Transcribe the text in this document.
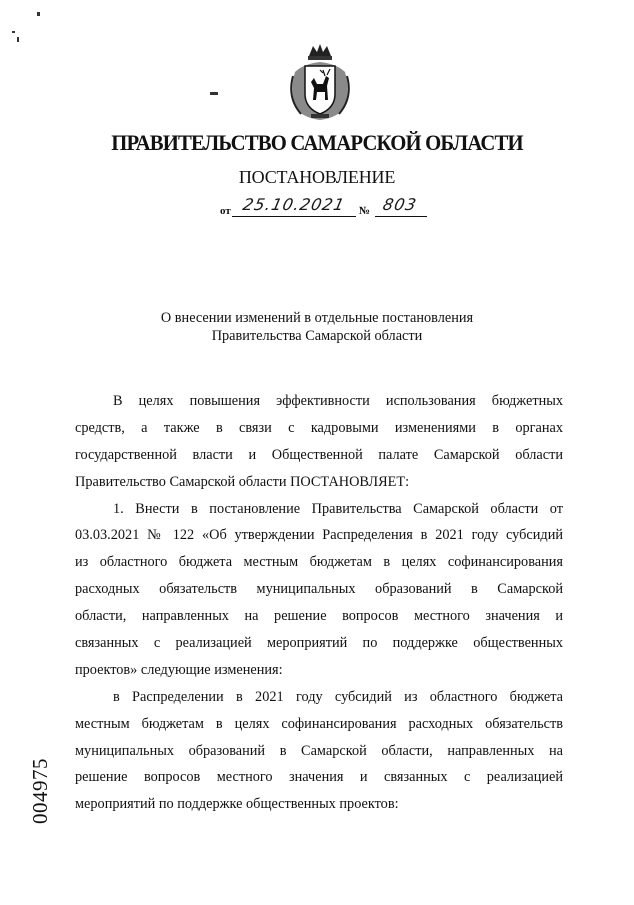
ПРАВИТЕЛЬСТВО САМАРСКОЙ ОБЛАСТИ
ПОСТАНОВЛЕНИЕ
от 25.10.2021	№ 803
О внесении изменений в отдельные постановления
Правительства Самарской области
В целях повышения эффективности использования бюджетных
средств, а также в связи с кадровыми изменениями в органах
государственной власти и Общественной палате Самарской области
Правительство Самарской области ПОСТАНОВЛЯЕТ:
1. Внести в постановление Правительства Самарской области от
03.03.2021 № 122 «Об утверждении Распределения в 2021 году субсидий
из областного бюджета местным бюджетам в целях софинансирования
расходных обязательств муниципальных образований в Самарской
области, направленных на решение вопросов местного значения и
связанных с реализацией мероприятий по поддержке общественных
проектов» следующие изменения:
в Распределении в 2021 году субсидий из областного бюджета
местным бюджетам в целях софинансирования расходных обязательств
муниципальных образований в Самарской области, направленных на
решение вопросов местного значения и связанных с реализацией
мероприятий по поддержке общественных проектов:
004975
